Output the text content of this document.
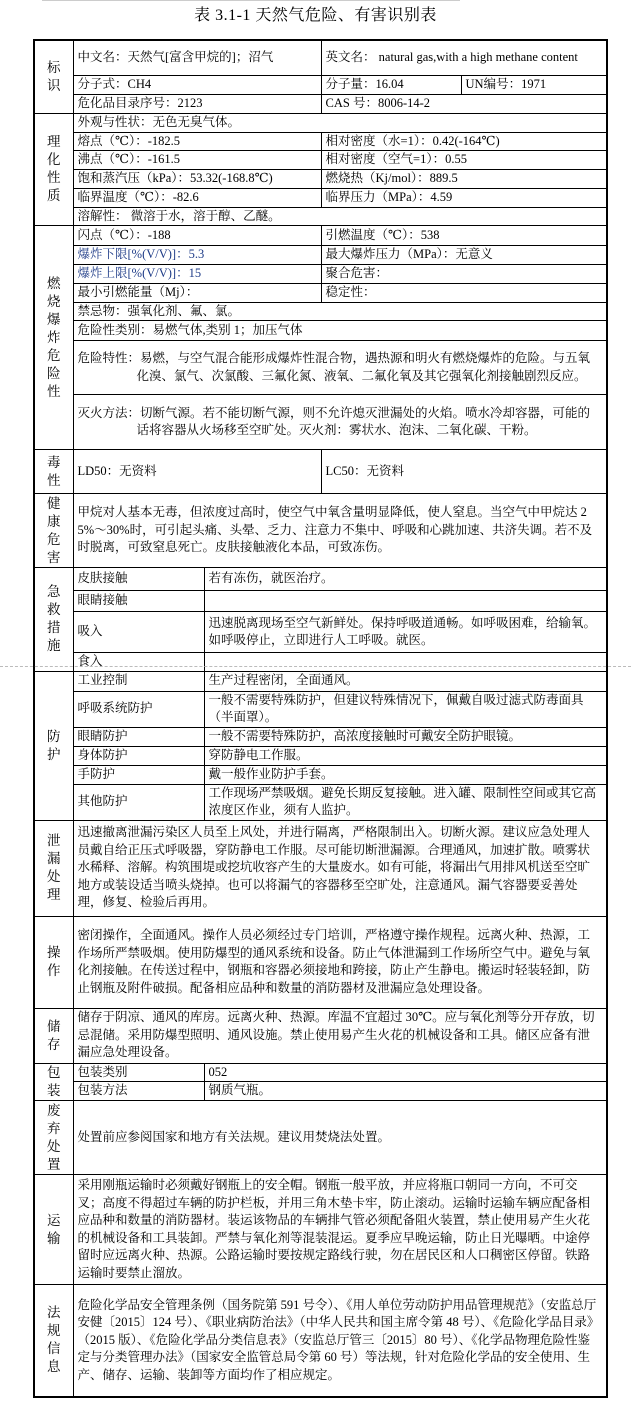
表 3.1-1 天然气危险、有害识别表
标识	中文名：天然气[富含甲烷的]；沼气		英文名： natural gas,with a high methane content	
	分子式：CH4		分子量：16.04	UN编号：1971
	危化品目录序号：2123		CAS 号：8006-14-2	

理化性质	外观与性状：无色无臭气体。			
	熔点（℃）：-182.5		相对密度（水=1）：0.42(-164℃)	
	沸点（℃）：-161.5		相对密度（空气=1）：0.55	
	饱和蒸汽压（kPa）：53.32(-168.8℃)		燃烧热（Kj/mol）：889.5	
	临界温度（℃）：-82.6		临界压力（MPa）：4.59	
	溶解性： 微溶于水，溶于醇、乙醚。			

燃烧爆炸危险性	闪点（℃）：-188		引燃温度（℃）：538	
	爆炸下限[%(V/V)]：5.3		最大爆炸压力（MPa）：无意义	
	爆炸上限[%(V/V)]：15		聚合危害：	
	最小引燃能量（Mj）：		稳定性：	
	禁忌物：强氧化剂、氟、氯。			
	危险性类别：易燃气体,类别 1；加压气体			
	危险特性：易燃，与空气混合能形成爆炸性混合物，遇热源和明火有燃烧爆炸的危险。与五氧化溴、氯气、次氯酸、三氟化氮、液氧、二氟化氧及其它强氧化剂接触剧烈反应。			
	灭火方法：切断气源。若不能切断气源，则不允许熄灭泄漏处的火焰。喷水冷却容器，可能的话将容器从火场移至空旷处。灭火剂：雾状水、泡沫、二氧化碳、干粉。			

毒性	LD50：无资料		LC50：无资料	

健康危害	甲烷对人基本无毒，但浓度过高时，使空气中氧含量明显降低，使人窒息。当空气中甲烷达 25%～30%时，可引起头痛、头晕、乏力、注意力不集中、呼吸和心跳加速、共济失调。若不及时脱离，可致窒息死亡。皮肤接触液化本品，可致冻伤。			

急救措施	皮肤接触	若有冻伤，就医治疗。		
	眼睛接触			
	吸入	迅速脱离现场至空气新鲜处。保持呼吸道通畅。如呼吸困难，给输氧。如呼吸停止，立即进行人工呼吸。就医。		
	食入			

防护	工业控制	生产过程密闭，全面通风。		
	呼吸系统防护	一般不需要特殊防护，但建议特殊情况下，佩戴自吸过滤式防毒面具（半面罩）。		
	眼睛防护	一般不需要特殊防护，高浓度接触时可戴安全防护眼镜。		
	身体防护	穿防静电工作服。		
	手防护	戴一般作业防护手套。		
	其他防护	工作现场严禁吸烟。避免长期反复接触。进入罐、限制性空间或其它高浓度区作业，须有人监护。		

泄漏处理	迅速撤离泄漏污染区人员至上风处，并进行隔离，严格限制出入。切断火源。建议应急处理人员戴自给正压式呼吸器，穿防静电工作服。尽可能切断泄漏源。合理通风，加速扩散。喷雾状水稀释、溶解。构筑围堤或挖坑收容产生的大量废水。如有可能，将漏出气用排风机送至空旷地方或装设适当喷头烧掉。也可以将漏气的容器移至空旷处，注意通风。漏气容器要妥善处理，修复、检验后再用。			

操作	密闭操作，全面通风。操作人员必须经过专门培训，严格遵守操作规程。远离火种、热源，工作场所严禁吸烟。使用防爆型的通风系统和设备。防止气体泄漏到工作场所空气中。避免与氧化剂接触。在传送过程中，钢瓶和容器必须接地和跨接，防止产生静电。搬运时轻装轻卸，防止钢瓶及附件破损。配备相应品种和数量的消防器材及泄漏应急处理设备。			

储存	储存于阴凉、通风的库房。远离火种、热源。库温不宜超过 30℃。应与氧化剂等分开存放，切忌混储。采用防爆型照明、通风设施。禁止使用易产生火花的机械设备和工具。储区应备有泄漏应急处理设备。			

包装	包装类别	052		
	包装方法	钢质气瓶。		

废弃处置	处置前应参阅国家和地方有关法规。建议用焚烧法处置。			

运输	采用刚瓶运输时必须戴好钢瓶上的安全帽。钢瓶一般平放，并应将瓶口朝同一方向，不可交叉；高度不得超过车辆的防护栏板，并用三角木垫卡牢，防止滚动。运输时运输车辆应配备相应品种和数量的消防器材。装运该物品的车辆排气管必须配备阻火装置，禁止使用易产生火花的机械设备和工具装卸。严禁与氧化剂等混装混运。夏季应早晚运输，防止日光曝晒。中途停留时应远离火种、热源。公路运输时要按规定路线行驶，勿在居民区和人口稠密区停留。铁路运输时要禁止溜放。			

法规信息	危险化学品安全管理条例（国务院第 591 号令）、《用人单位劳动防护用品管理规范》（安监总厅安健〔2015〕124 号）、《职业病防治法》（中华人民共和国主席令第 48 号）、《危险化学品目录》（2015 版）、《危险化学品分类信息表》（安监总厅管三〔2015〕80 号）、《化学品物理危险性鉴定与分类管理办法》（国家安全监管总局令第 60 号）等法规，针对危险化学品的安全使用、生产、储存、运输、装卸等方面均作了相应规定。			
